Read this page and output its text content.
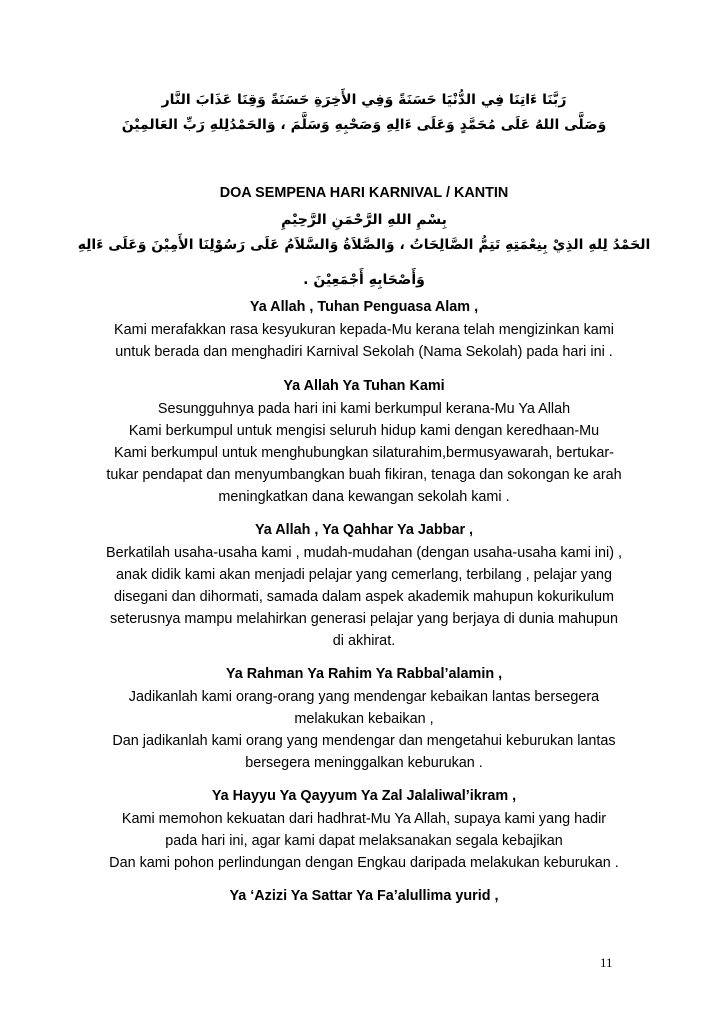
رَبَّنَا ءَاتِنَا فِي الدُّنْيَا حَسَنَةً وَفِي الأَخِرَةِ حَسَنَةً وَقِنَا عَذَابَ النَّار
وَصَلَّى اللهُ عَلَى مُحَمَّدٍ وَعَلَى ءَالِهِ وَصَحْبِهِ وَسَلَّمَ ، وَالحَمْدُلِلهِ رَبِّ العَالمِيْنَ
DOA SEMPENA HARI KARNIVAL / KANTIN
بِسْمِ اللهِ الرَّحْمَنِ الرَّحِيْمِ
الحَمْدُ لِلهِ الذِيْ بِنِعْمَتِهِ تَتِمُّ الصَّالِحَاتُ ، وَالصَّلاَةُ وَالسَّلاَمُ عَلَى رَسُوْلِنَا الأَمِيْنَ وَعَلَى ءَالِهِ
وَأَصْحَابِهِ أَجْمَعِيْنَ .
Ya Allah , Tuhan Penguasa Alam ,
Kami merafakkan rasa kesyukuran kepada-Mu kerana telah mengizinkan kami
untuk berada dan menghadiri Karnival Sekolah (Nama Sekolah) pada hari ini .
Ya Allah Ya Tuhan Kami
Sesungguhnya pada hari ini kami berkumpul kerana-Mu Ya Allah
Kami berkumpul untuk mengisi seluruh hidup kami dengan keredhaan-Mu
Kami berkumpul untuk menghubungkan silaturahim,bermusyawarah, bertukar-
tukar pendapat dan menyumbangkan buah fikiran, tenaga dan sokongan ke arah
meningkatkan dana kewangan sekolah kami .
Ya Allah , Ya Qahhar Ya Jabbar ,
Berkatilah usaha-usaha kami , mudah-mudahan (dengan usaha-usaha kami ini) ,
anak didik kami akan menjadi pelajar yang cemerlang, terbilang , pelajar yang
disegani dan dihormati, samada dalam aspek akademik mahupun kokurikulum
seterusnya mampu melahirkan generasi pelajar yang berjaya di dunia mahupun
di akhirat.
Ya Rahman Ya Rahim Ya Rabbal’alamin ,
Jadikanlah kami orang-orang yang mendengar kebaikan lantas bersegera
melakukan kebaikan ,
Dan jadikanlah kami orang yang mendengar dan mengetahui keburukan lantas
bersegera meninggalkan keburukan .
Ya Hayyu Ya Qayyum Ya Zal Jalaliwal’ikram ,
Kami memohon kekuatan dari hadhrat-Mu Ya Allah, supaya kami yang hadir
pada hari ini, agar kami dapat melaksanakan segala kebajikan
Dan kami pohon perlindungan dengan Engkau daripada melakukan keburukan .
Ya ‘Azizi Ya Sattar Ya Fa’alullima yurid ,
11
